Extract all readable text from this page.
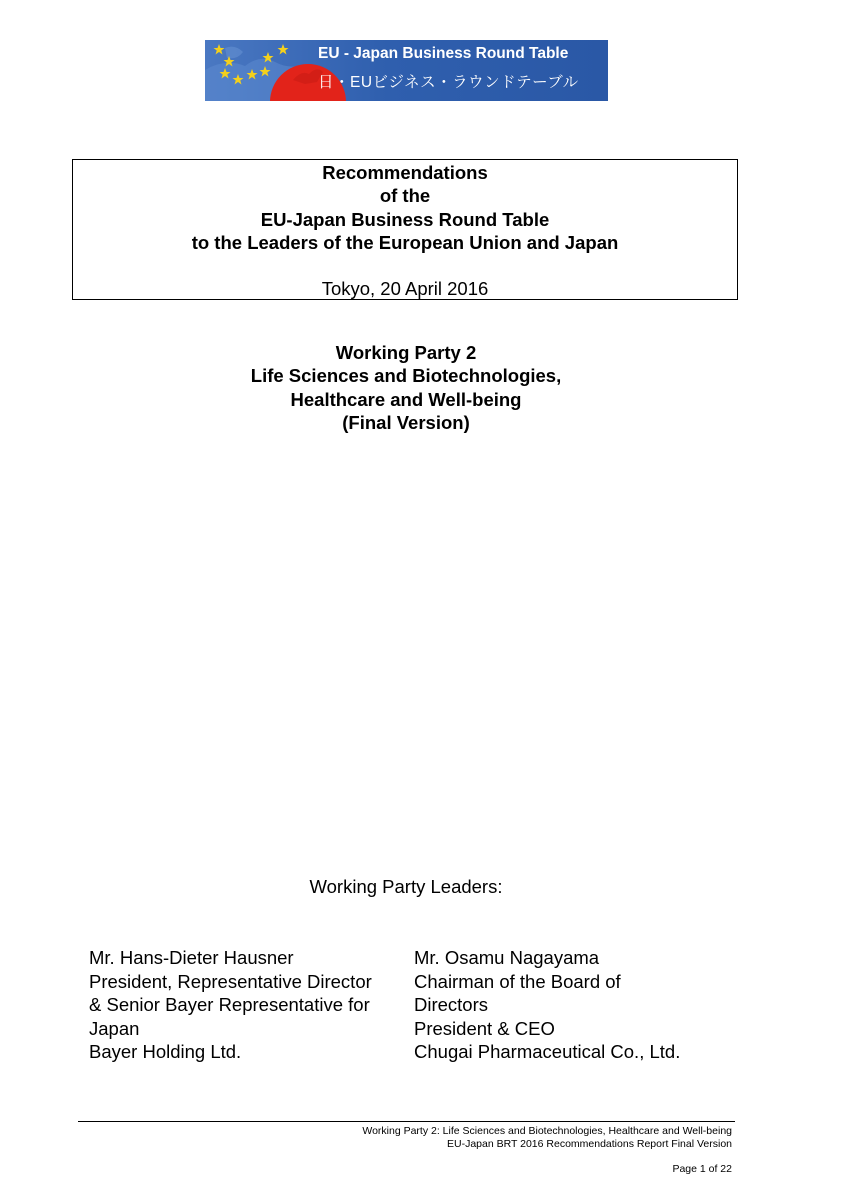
EU - Japan Business Round Table
日・EUビジネス・ラウンドテーブル
Recommendations
of the
EU-Japan Business Round Table
to the Leaders of the European Union and Japan
Tokyo, 20 April 2016
Working Party 2
Life Sciences and Biotechnologies,
Healthcare and Well-being
(Final Version)
Working Party Leaders:
Mr. Hans-Dieter Hausner
President, Representative Director
& Senior Bayer Representative for
Japan
Bayer Holding Ltd.
Mr. Osamu Nagayama
Chairman of the Board of
Directors
President & CEO
Chugai Pharmaceutical Co., Ltd.
Working Party 2: Life Sciences and Biotechnologies, Healthcare and Well-being
EU-Japan BRT 2016 Recommendations Report Final Version
Page 1 of 22
